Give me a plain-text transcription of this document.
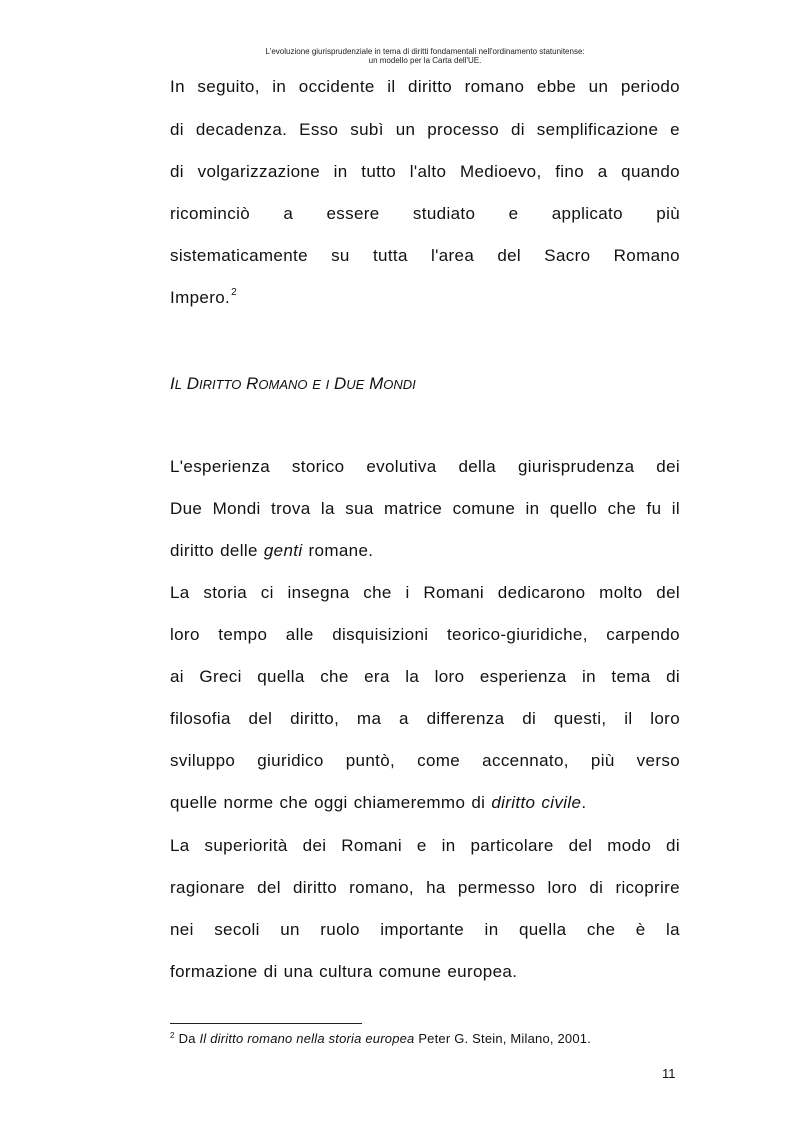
L'evoluzione giurisprudenziale in tema di diritti fondamentali nell'ordinamento statunitense:
un modello per la Carta dell'UE.
In seguito, in occidente il diritto romano ebbe un periodo
di decadenza. Esso subì un processo di semplificazione e
di volgarizzazione in tutto l'alto Medioevo, fino a quando
ricominciò a essere studiato e applicato più
sistematicamente su tutta l'area del Sacro Romano
Impero.$^2$
IL DIRITTO ROMANO E I DUE MONDI
L'esperienza storico evolutiva della giurisprudenza dei
Due Mondi trova la sua matrice comune in quello che fu il
diritto delle genti romane.
La storia ci insegna che i Romani dedicarono molto del
loro tempo alle disquisizioni teorico-giuridiche, carpendo
ai Greci quella che era la loro esperienza in tema di
filosofia del diritto, ma a differenza di questi, il loro
sviluppo giuridico puntò, come accennato, più verso
quelle norme che oggi chiameremmo di diritto civile.
La superiorità dei Romani e in particolare del modo di
ragionare del diritto romano, ha permesso loro di ricoprire
nei secoli un ruolo importante in quella che è la
formazione di una cultura comune europea.
$^2$ Da Il diritto romano nella storia europea Peter G. Stein, Milano, 2001.
11
